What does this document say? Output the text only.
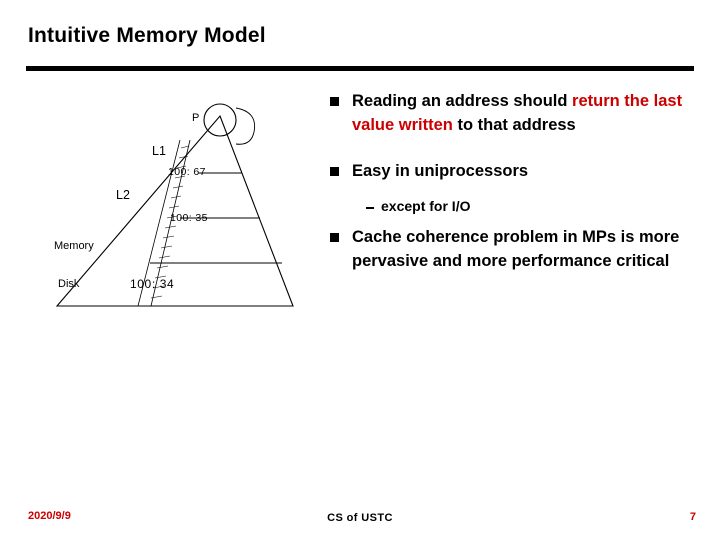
Intuitive Memory Model
P
L1
100: 67
L2
100: 35
Memory
Disk	100: 34
Reading an address should return the last value written to that address
Easy in uniprocessors
except for I/O
Cache coherence problem in MPs is more pervasive and more performance critical
2020/9/9	CS of USTC	7
